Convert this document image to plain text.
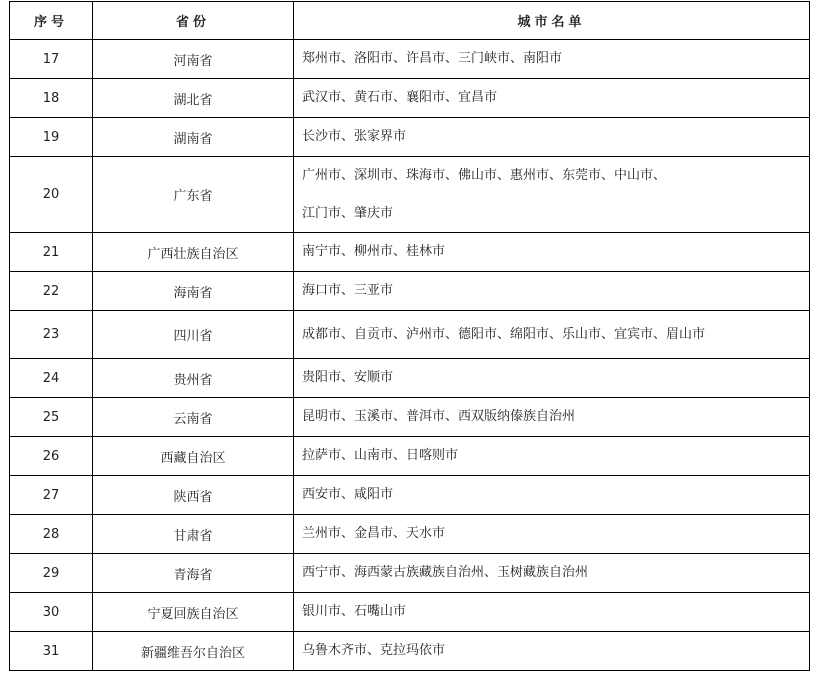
序号	省份	城市名单
17	河南省	郑州市、洛阳市、许昌市、三门峡市、南阳市

18	湖北省	武汉市、黄石市、襄阳市、宜昌市

19	湖南省	长沙市、张家界市

20	广东省	广州市、深圳市、珠海市、佛山市、惠州市、东莞市、中山市、
江门市、肇庆市

21	广西壮族自治区	南宁市、柳州市、桂林市

22	海南省	海口市、三亚市

23	四川省	成都市、自贡市、泸州市、德阳市、绵阳市、乐山市、宜宾市、眉山市

24	贵州省	贵阳市、安顺市

25	云南省	昆明市、玉溪市、普洱市、西双版纳傣族自治州

26	西藏自治区	拉萨市、山南市、日喀则市

27	陕西省	西安市、咸阳市

28	甘肃省	兰州市、金昌市、天水市

29	青海省	西宁市、海西蒙古族藏族自治州、玉树藏族自治州

30	宁夏回族自治区	银川市、石嘴山市

31	新疆维吾尔自治区	乌鲁木齐市、克拉玛依市
